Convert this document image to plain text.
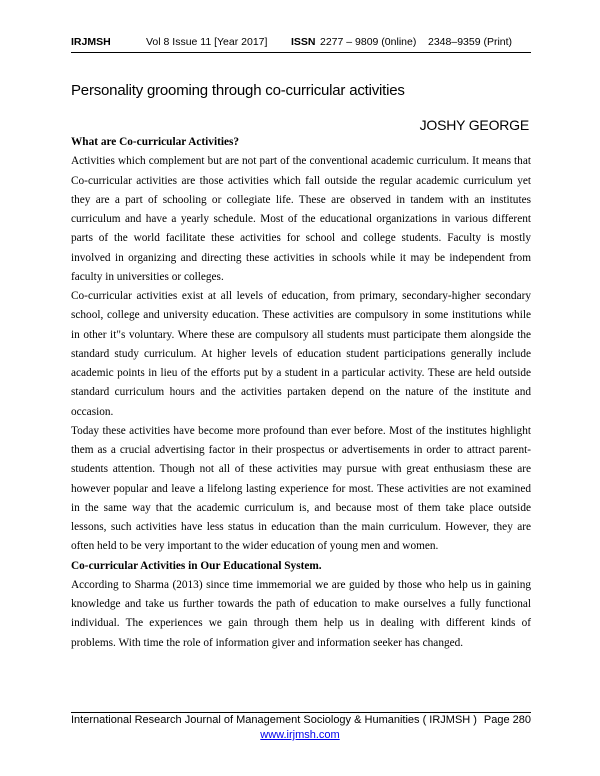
IRJMSH	Vol 8 Issue 11 [Year 2017] ISSN 2277 – 9809 (0nline) 2348–9359 (Print)
Personality grooming through co-curricular activities
JOSHY GEORGE
What are Co-curricular Activities?

Activities which complement but are not part of the conventional academic curriculum. It means that Co-curricular activities are those activities which fall outside the regular academic curriculum yet they are a part of schooling or collegiate life. These are observed in tandem with an institutes curriculum and have a yearly schedule. Most of the educational organizations in various different parts of the world facilitate these activities for school and college students. Faculty is mostly involved in organizing and directing these activities in schools while it may be independent from faculty in universities or colleges.

Co-curricular activities exist at all levels of education, from primary, secondary-higher secondary school, college and university education. These activities are compulsory in some institutions while in other it"s voluntary. Where these are compulsory all students must participate them alongside the standard study curriculum. At higher levels of education student participations generally include academic points in lieu of the efforts put by a student in a particular activity. These are held outside standard curriculum hours and the activities partaken depend on the nature of the institute and occasion.

Today these activities have become more profound than ever before. Most of the institutes highlight them as a crucial advertising factor in their prospectus or advertisements in order to attract parent-students attention. Though not all of these activities may pursue with great enthusiasm these are however popular and leave a lifelong lasting experience for most. These activities are not examined in the same way that the academic curriculum is, and because most of them take place outside lessons, such activities have less status in education than the main curriculum. However, they are often held to be very important to the wider education of young men and women.

Co-curricular Activities in Our Educational System.

According to Sharma (2013) since time immemorial we are guided by those who help us in gaining knowledge and take us further towards the path of education to make ourselves a fully functional individual. The experiences we gain through them help us in dealing with different kinds of problems. With time the role of information giver and information seeker has changed.

International Research Journal of Management Sociology & Humanities ( IRJMSH ) Page 280
www.irjmsh.com
